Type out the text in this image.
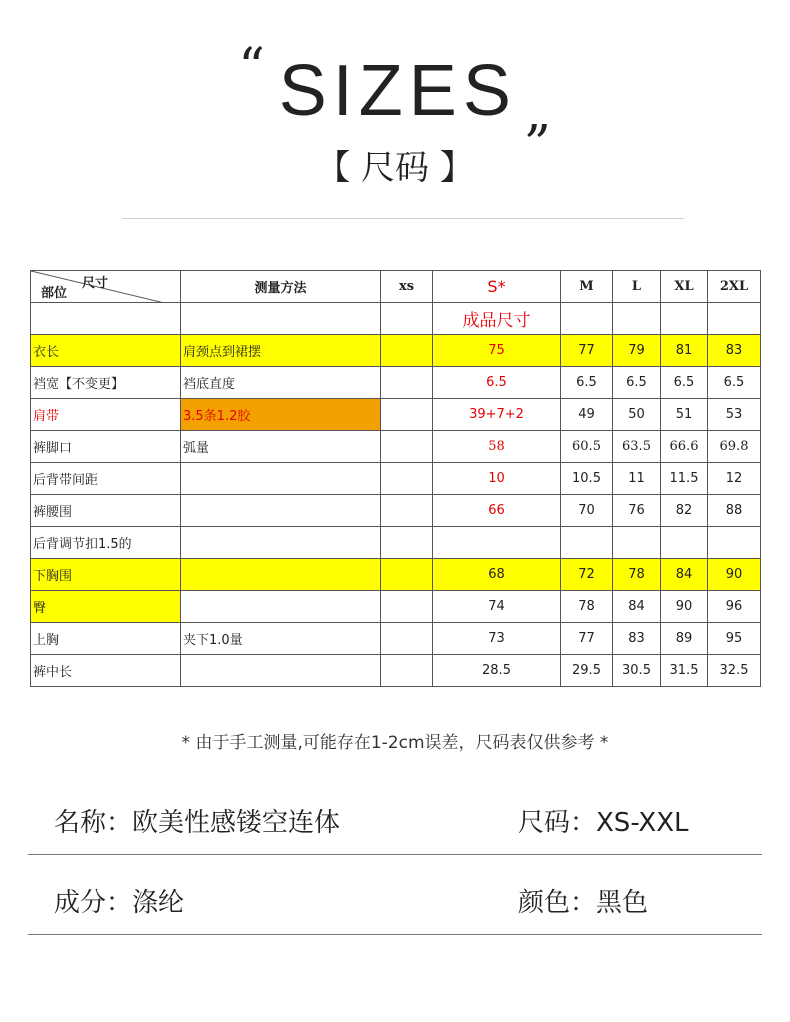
“ SIZES „
【 尺码 】
尺寸
部位	测量方法	xs	S*	M	L	XL	2XL
			成品尺寸				
衣长	肩颈点到裙摆		75	77	79	81	83
裆宽【不变更】	裆底直度		6.5	6.5	6.5	6.5	6.5
肩带	3.5条1.2胶		39+7+2	49	50	51	53
裤脚口	弧量		58	60.5	63.5	66.6	69.8
后背带间距			10	10.5	11	11.5	12
裤腰围			66	70	76	82	88
后背调节扣1.5的							
下胸围			68	72	78	84	90
臀			74	78	84	90	96
上胸	夹下1.0量		73	77	83	89	95
裤中长			28.5	29.5	30.5	31.5	32.5
* 由于手工测量,可能存在1-2cm误差，尺码表仅供参考 *
名称：欧美性感镂空连体	尺码：XS-XXL
成分：涤纶	颜色：黑色
